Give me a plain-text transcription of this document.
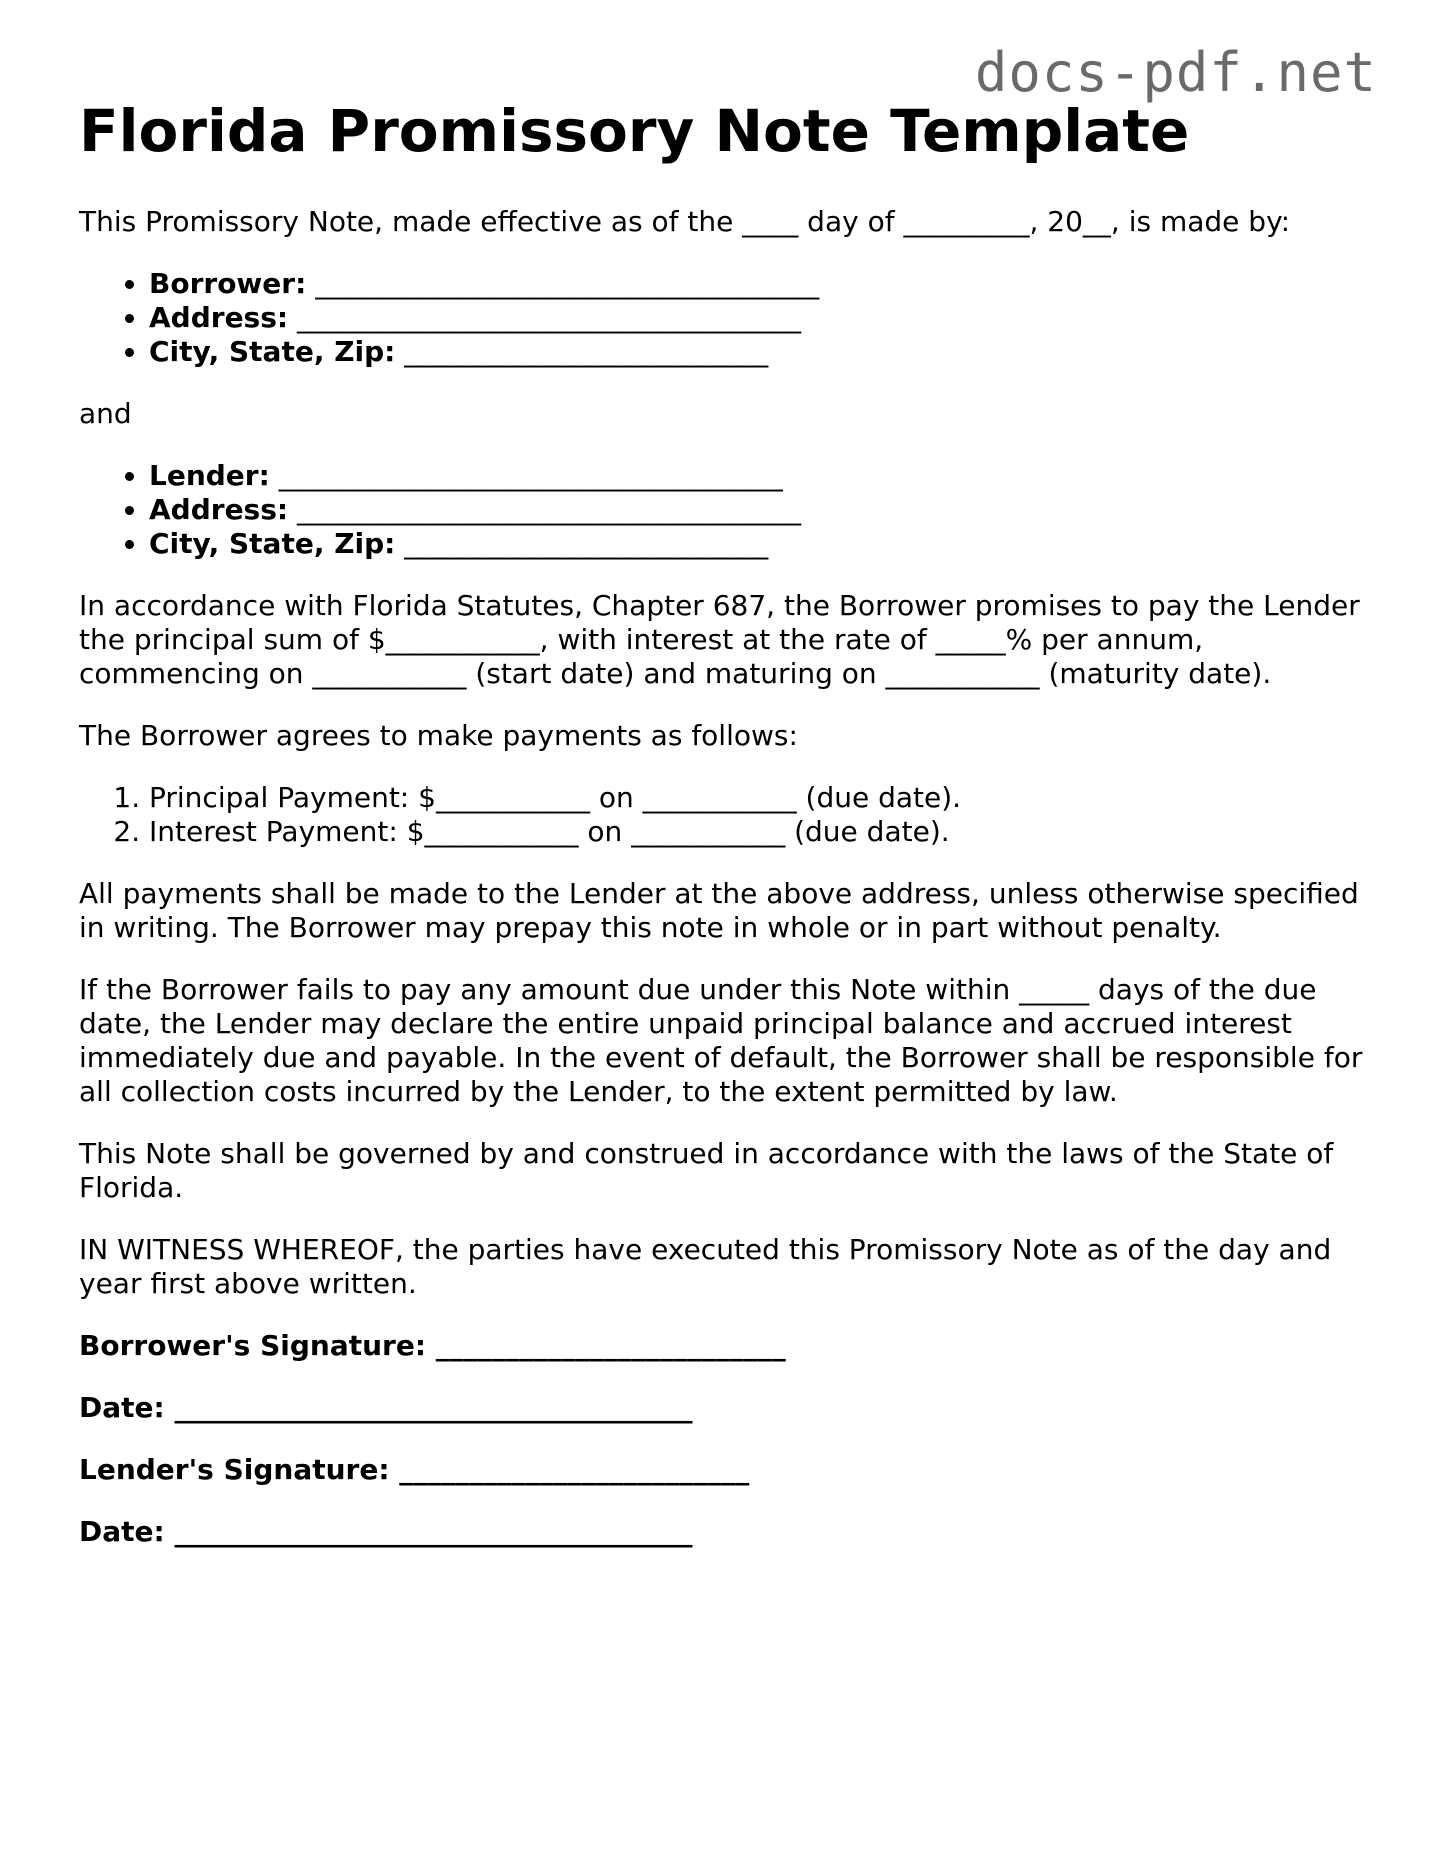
docs-pdf.net
Florida Promissory Note Template

This Promissory Note, made effective as of the ____ day of _________, 20__, is made by:

• Borrower: ____________________________________
• Address: ____________________________________
• City, State, Zip: __________________________

and

• Lender: ____________________________________
• Address: ____________________________________
• City, State, Zip: __________________________

In accordance with Florida Statutes, Chapter 687, the Borrower promises to pay the Lender the principal sum of $___________, with interest at the rate of _____% per annum, commencing on ___________ (start date) and maturing on ___________ (maturity date).

The Borrower agrees to make payments as follows:

1. Principal Payment: $___________ on ___________ (due date).
2. Interest Payment: $___________ on ___________ (due date).

All payments shall be made to the Lender at the above address, unless otherwise specified in writing. The Borrower may prepay this note in whole or in part without penalty.

If the Borrower fails to pay any amount due under this Note within _____ days of the due date, the Lender may declare the entire unpaid principal balance and accrued interest immediately due and payable. In the event of default, the Borrower shall be responsible for all collection costs incurred by the Lender, to the extent permitted by law.

This Note shall be governed by and construed in accordance with the laws of the State of Florida.

IN WITNESS WHEREOF, the parties have executed this Promissory Note as of the day and year first above written.

Borrower's Signature: _________________________
Date: _____________________________________
Lender's Signature: _________________________
Date: _____________________________________
